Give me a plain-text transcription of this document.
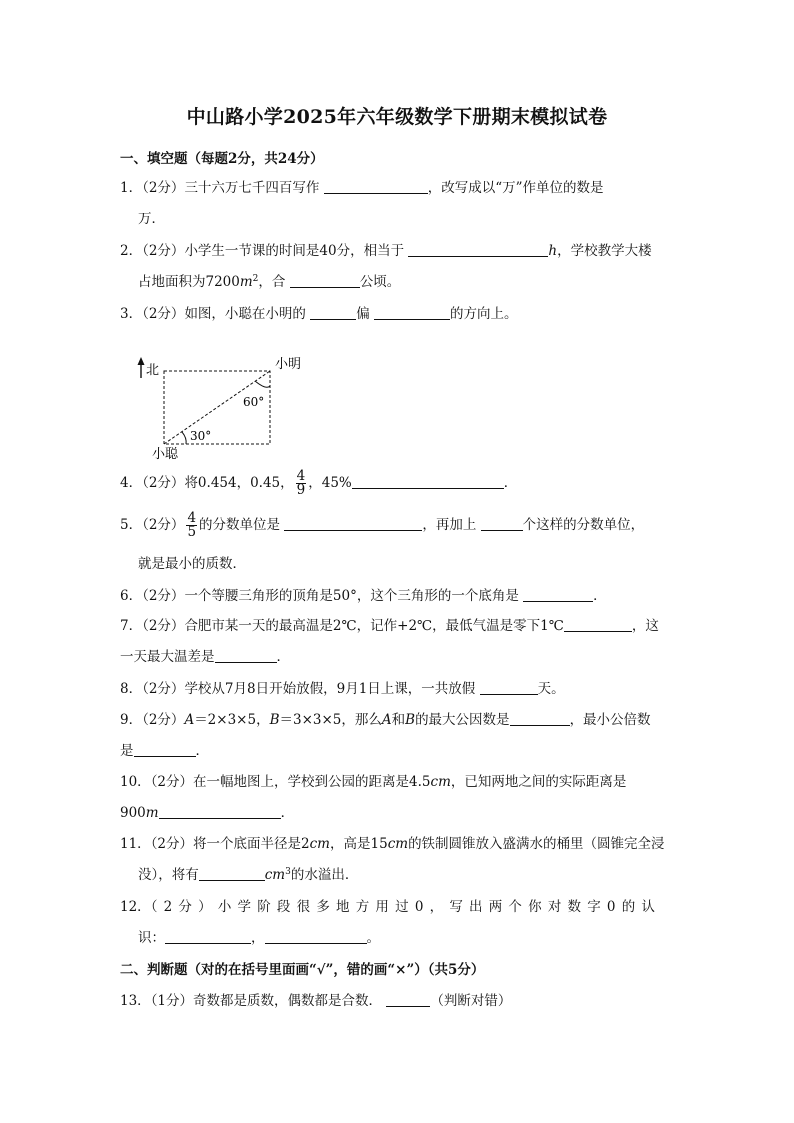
中山路小学2025年六年级数学下册期末模拟试卷
一、填空题（每题2分，共24分）
1．（2分）三十六万七千四百写作	，改写成以“万”作单位的数是
万．
2．（2分）小学生一节课的时间是40分，相当于	h，学校教学大楼
占地面积为$7200m^2$，合	公顷。
3．（2分）如图，小聪在小明的	偏	的方向上。
北	小明
60°
30°
小聪
4．（2分）将0.454，0.45， $\frac{4}{9}$ ，45%	．
5．（2分） $\frac{4}{5}$ 的分数单位是	，再加上	个这样的分数单位，
就是最小的质数．
6．（2分）一个等腰三角形的顶角是50°，这个三角形的一个底角是	．
7．（2分）合肥市某一天的最高温是2℃，记作+2℃，最低气温是零下1℃	，这
一天最大温差是	．
8．（2分）学校从7月8日开始放假，9月1日上课，一共放假	天。
9．（2分）A＝2×3×5，B＝3×3×5，那么A和B的最大公因数是	，最小公倍数
是	．
10．（2分）在一幅地图上，学校到公园的距离是4.5cm，已知两地之间的实际距离是
900m	．
11．（2分）将一个底面半径是2cm，高是15cm的铁制圆锥放入盛满水的桶里（圆锥完全浸
没），将有	$cm^3$的水溢出．
12．（2分）小学阶段很多地方用过0，写出两个你对数字0的认
识：	，	。
二、判断题（对的在括号里面画“√”，错的画“×”）（共5分）
13．（1分）奇数都是质数，偶数都是合数．	（判断对错）
